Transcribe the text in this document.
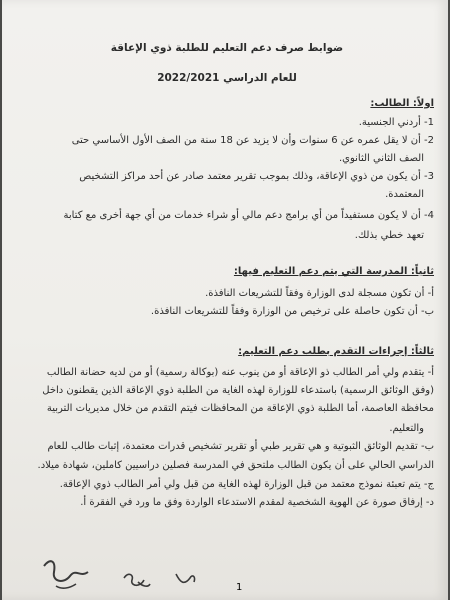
ضوابط صرف دعم التعليم للطلبة ذوي الإعاقة
للعام الدراسي 2022/2021
اولاً: الطالب:
1- أردني الجنسية.
2- أن لا يقل عمره عن 6 سنوات وأن لا يزيد عن 18 سنة من الصف الأول الأساسي حتى
الصف الثاني الثانوي.
3- أن يكون من ذوي الإعاقة، وذلك بموجب تقرير معتمد صادر عن أحد مراكز التشخيص
المعتمدة.
4- أن لا يكون مستفيداً من أي برامج دعم مالي أو شراء خدمات من أي جهة أخرى مع كتابة
تعهد خطي بذلك.
ثانياً: المدرسة التي يتم دعم التعليم فيها:
أ- أن تكون مسجلة لدى الوزارة وفقاً للتشريعات النافذة.
ب- أن تكون حاصلة على ترخيص من الوزارة وفقاً للتشريعات النافذة.
ثالثاً: إجراءات التقدم بطلب دعم التعليم:
أ- يتقدم ولي أمر الطالب ذو الإعاقة أو من ينوب عنه (بوكالة رسمية) أو من لديه حضانة الطالب
(وفق الوثائق الرسمية) باستدعاء للوزارة لهذه الغاية من الطلبة ذوي الإعاقة الذين يقطنون داخل
محافظة العاصمة، أما الطلبة ذوي الإعاقة من المحافظات فيتم التقدم من خلال مديريات التربية
والتعليم.
ب- تقديم الوثائق الثبوتية و هي تقرير طبي أو تقرير تشخيص قدرات معتمدة، إثبات طالب للعام
الدراسي الحالي على أن يكون الطالب ملتحق في المدرسة فصلين دراسيين كاملين، شهادة ميلاد.
ج- يتم تعبئة نموذج معتمد من قبل الوزارة لهذه الغاية من قبل ولي أمر الطالب ذوي الإعاقة.
د- إرفاق صورة عن الهوية الشخصية لمقدم الاستدعاء الواردة وفق ما ورد في الفقرة أ.
1
